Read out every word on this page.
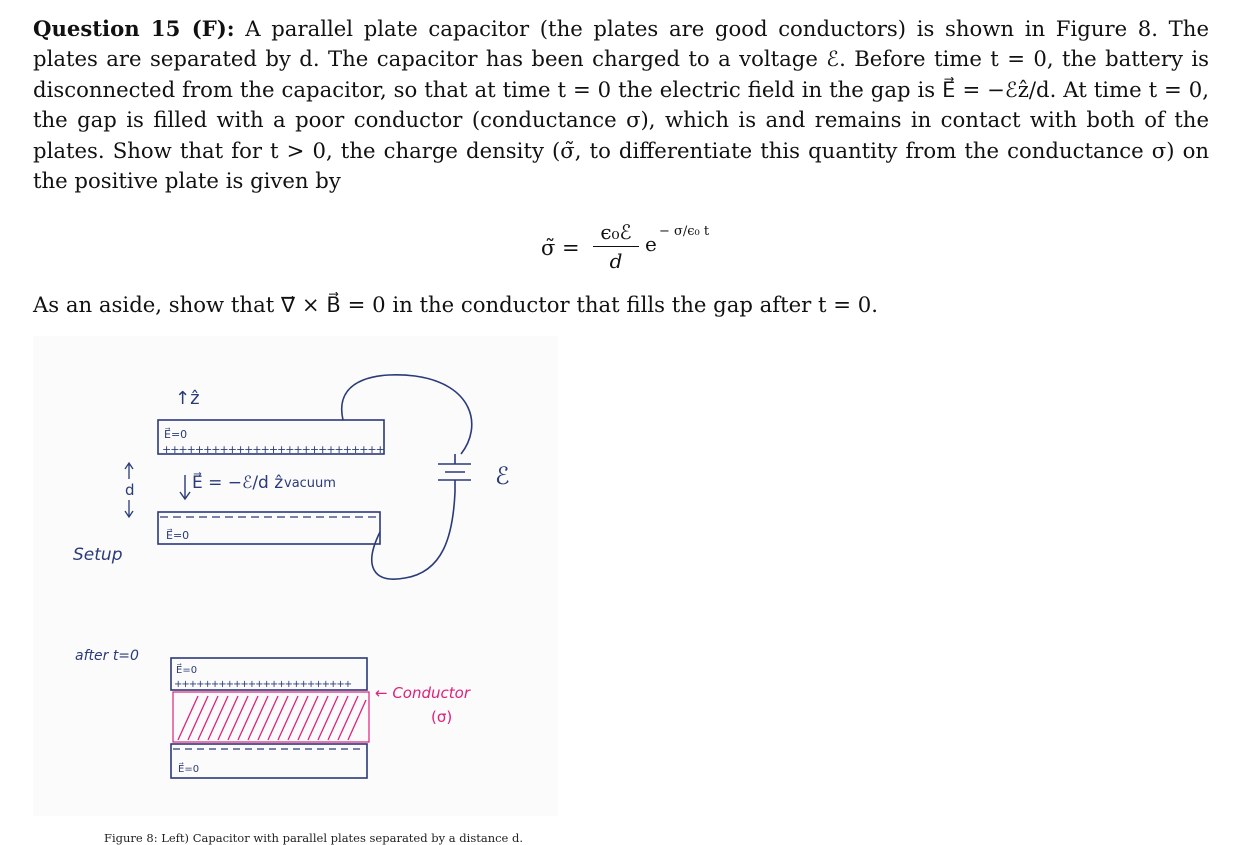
Question 15 (F): A parallel plate capacitor (the plates are good conductors) is shown in Figure 8. The plates are separated by d. The capacitor has been charged to a voltage ℰ. Before time t = 0, the battery is disconnected from the capacitor, so that at time t = 0 the electric field in the gap is E⃗ = −ℰẑ/d. At time t = 0, the gap is filled with a poor conductor (conductance σ), which is and remains in contact with both of the plates. Show that for t > 0, the charge density (σ̃, to differentiate this quantity from the conductance σ) on the positive plate is given by
σ̃ =
ϵ₀ℰ
d
e
− σ/ϵ₀ t
As an aside, show that ∇⃗ × B⃗ = 0 in the conductor that fills the gap after t = 0.
↑ẑ
E⃗=0
+++++++++++++++++++++++++++
E⃗ = −ℰ/d ẑ vacuum
d
E⃗=0
ℰ
Setup
after t=0
E⃗=0
++++++++++++++++++++++++
E⃗=0
← Conductor
(σ)
Figure 8: Left) Capacitor with parallel plates separated by a distance d.
